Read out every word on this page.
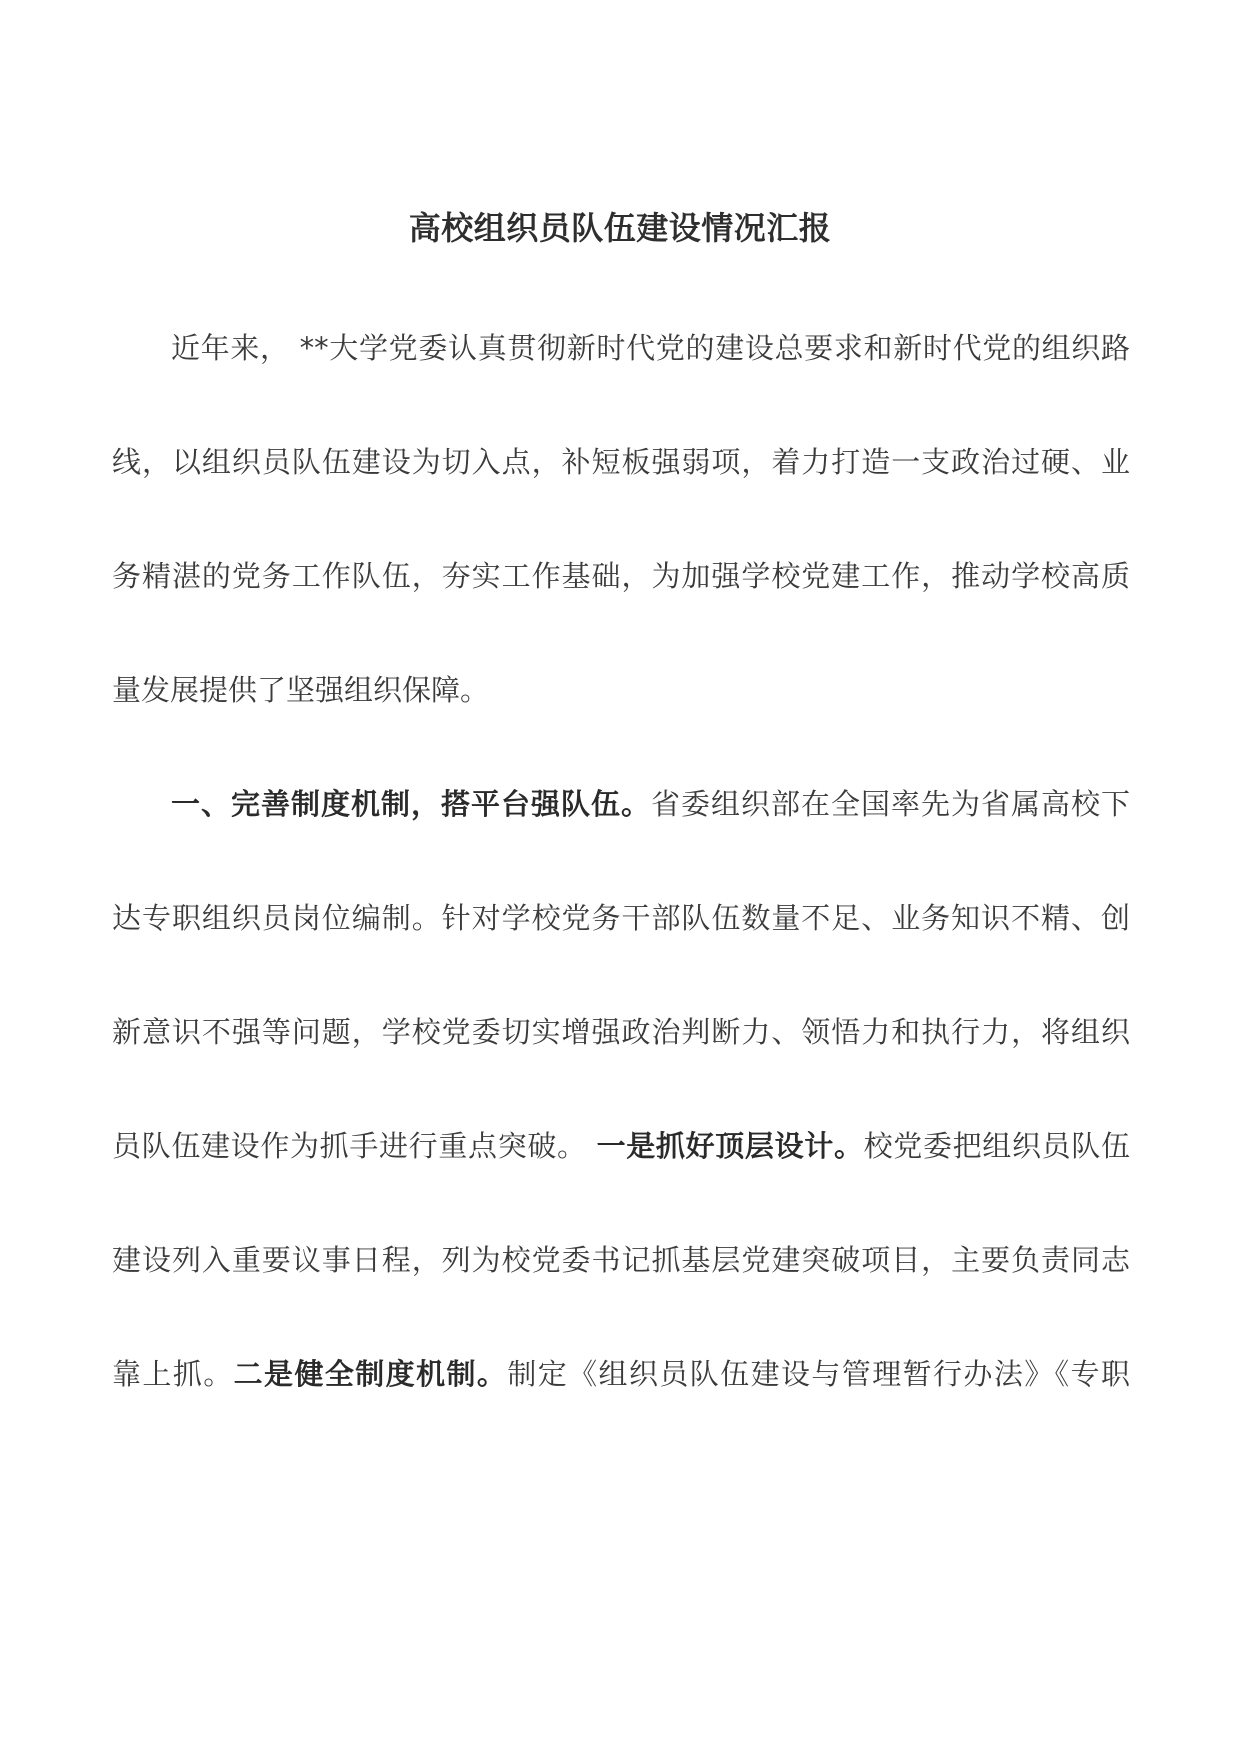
高校组织员队伍建设情况汇报
近年来， **大学党委认真贯彻新时代党的建设总要求和新时代党的组织路
线，以组织员队伍建设为切入点，补短板强弱项，着力打造一支政治过硬、业
务精湛的党务工作队伍，夯实工作基础，为加强学校党建工作，推动学校高质
量发展提供了坚强组织保障。
一、完善制度机制，搭平台强队伍。省委组织部在全国率先为省属高校下
达专职组织员岗位编制。针对学校党务干部队伍数量不足、业务知识不精、创
新意识不强等问题，学校党委切实增强政治判断力、领悟力和执行力，将组织
员队伍建设作为抓手进行重点突破。 一是抓好顶层设计。校党委把组织员队伍
建设列入重要议事日程，列为校党委书记抓基层党建突破项目，主要负责同志
靠上抓。二是健全制度机制。制定《组织员队伍建设与管理暂行办法》《专职
